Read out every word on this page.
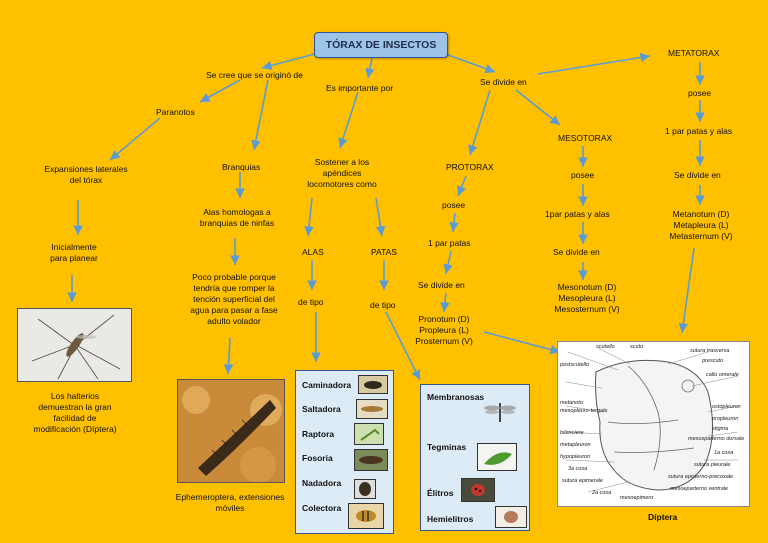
TÓRAX DE INSECTOS
Se cree que se originó de
Es importante por
Se divide en
Paranotos
Expansiones laterales
del tórax
Inicialmente
para planear
Los halterios
demuestran la gran
facilidad de
modificación (Díptera)
Branquias
Alas homologas a
branquias de ninfas
Poco probable porque
tendría que romper la
tención superficial del
agua para pasar a fase
adulto volador
Ephemeroptera, extensiones
móviles
Sostener a los
apéndices
locomotores como
ALAS	PATAS
de tipo	de tipo
Caminadora
Saltadora
Raptora
Fosoria
Nadadora
Colectora
Membranosas
Tegminas
Élitros
Hemielitros
PROTORAX
posee
1 par patas
Se divide en
Pronotum (D)
Propleura (L)
Prosternum (V)
MESOTORAX
posee
1par patas y alas
Se divide en
Mesonotum (D)
Mesopleura (L)
Mesosternum (V)
METATORAX
posee
1 par patas y alas
Se divide en
Metanotum (D)
Metapleura (L)
Metasternum (V)
scutello	scuto
sutura trasversa
postscutello
prescuto
callo omerale
mesopleuro-tergale
metanoto
ostopleuron
bilenciere
propleuron
metapleuron
stigma
hypopleuron
mesosparterno dorsale
3a coxa
1a coxa
sutura epimerale
sutura pleurale
2a coxa
sutura episterno-precoxale
mesoepimero
mesoeparterno ventrale
Díptera
